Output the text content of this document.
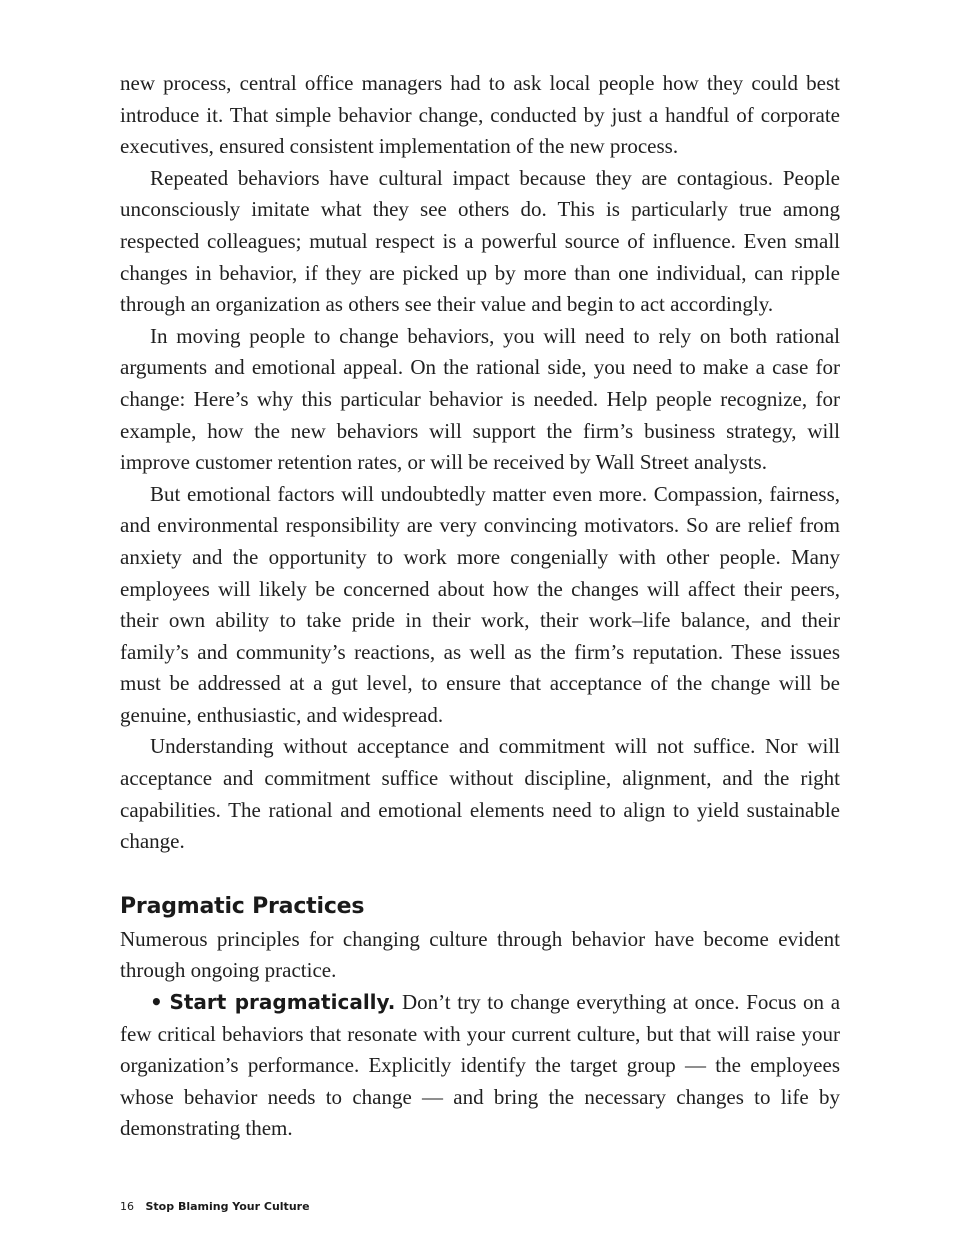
new process, central office managers had to ask local people how they could best introduce it. That simple behavior change, conducted by just a handful of corporate executives, ensured consistent implementation of the new process.

Repeated behaviors have cultural impact because they are contagious. People unconsciously imitate what they see others do. This is particularly true among respected colleagues; mutual respect is a powerful source of influence. Even small changes in behavior, if they are picked up by more than one individual, can ripple through an organization as others see their value and begin to act accordingly.

In moving people to change behaviors, you will need to rely on both rational arguments and emotional appeal. On the rational side, you need to make a case for change: Here’s why this particular behavior is needed. Help people recognize, for example, how the new behaviors will support the firm’s business strategy, will improve customer retention rates, or will be received by Wall Street analysts.

But emotional factors will undoubtedly matter even more. Compassion, fairness, and environmental responsibility are very convincing motivators. So are relief from anxiety and the opportunity to work more congenially with other people. Many employees will likely be concerned about how the changes will affect their peers, their own ability to take pride in their work, their work–life balance, and their family’s and community’s reactions, as well as the firm’s reputation. These issues must be addressed at a gut level, to ensure that acceptance of the change will be genuine, enthusiastic, and widespread.

Understanding without acceptance and commitment will not suffice. Nor will acceptance and commitment suffice without discipline, alignment, and the right capabilities. The rational and emotional elements need to align to yield sustainable change.

Pragmatic Practices

Numerous principles for changing culture through behavior have become evident through ongoing practice.

• Start pragmatically. Don’t try to change everything at once. Focus on a few critical behaviors that resonate with your current culture, but that will raise your organization’s performance. Explicitly identify the target group — the employees whose behavior needs to change — and bring the necessary changes to life by demonstrating them.

16 Stop Blaming Your Culture
